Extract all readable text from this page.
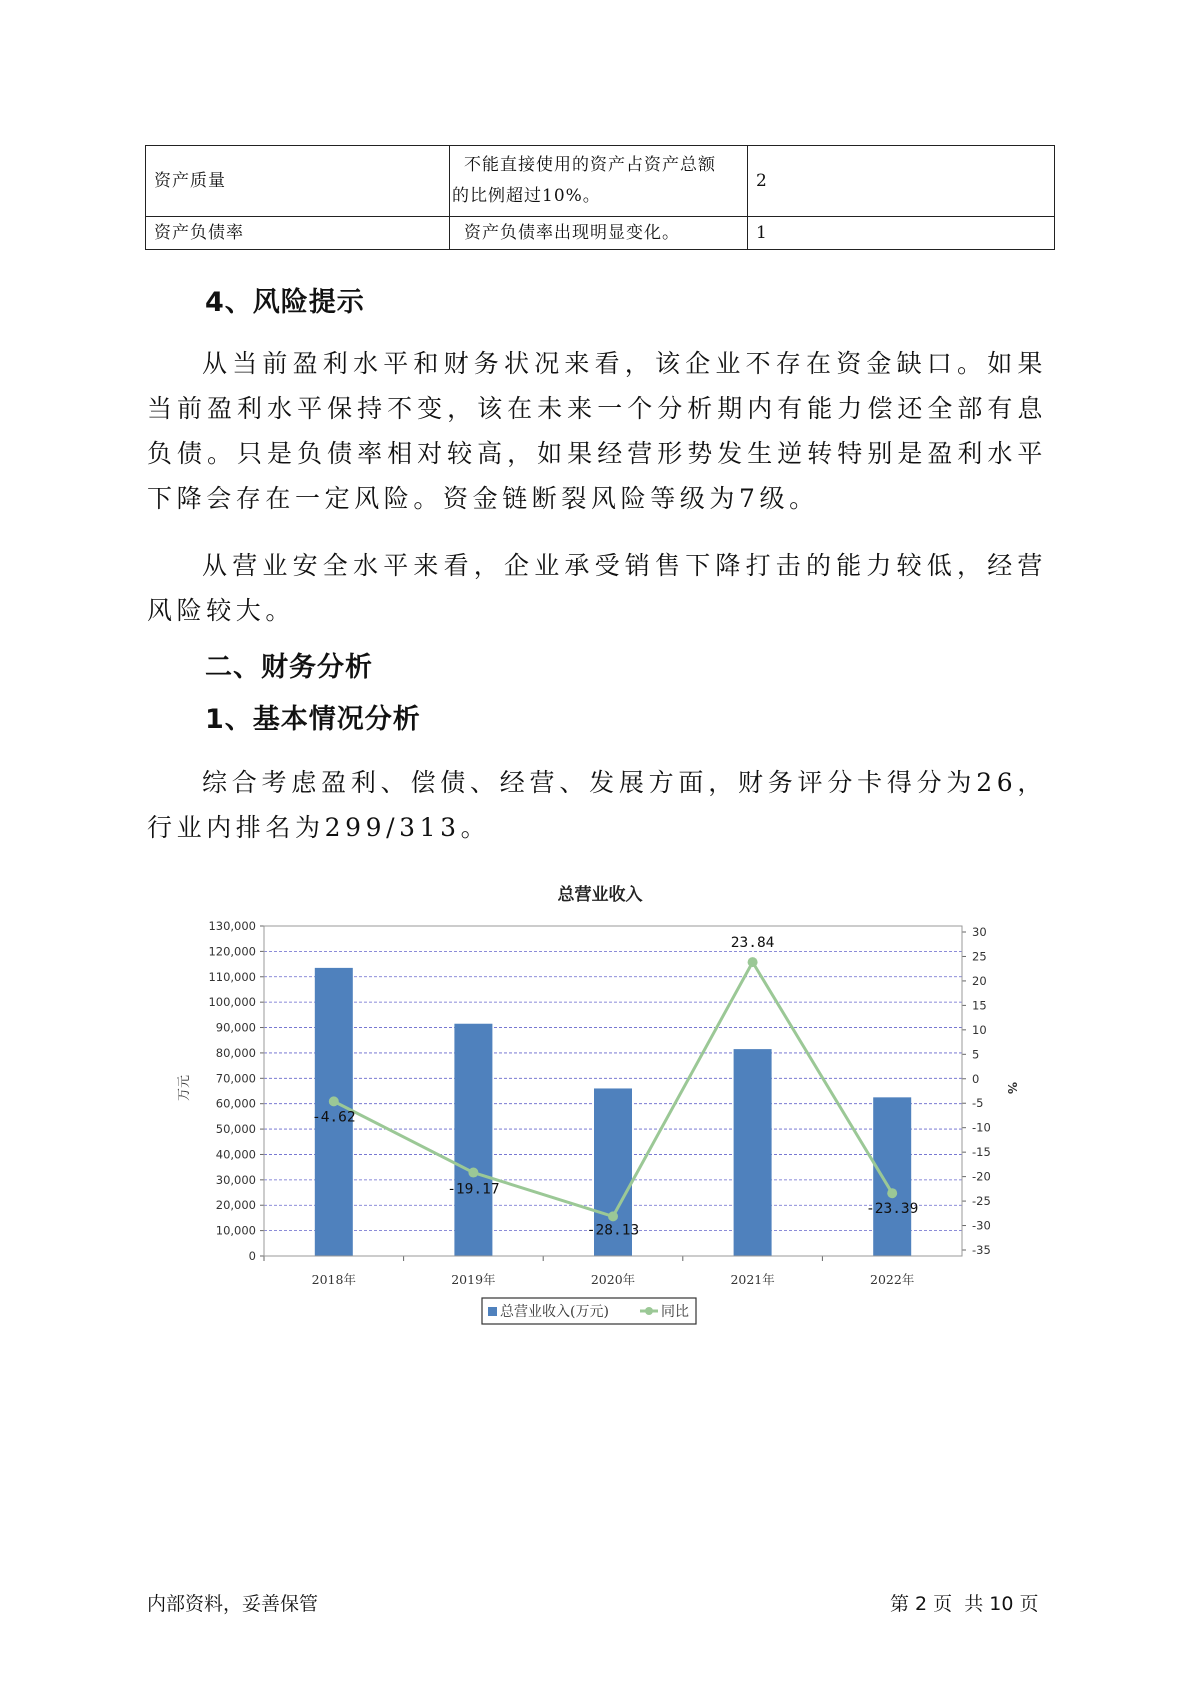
资产质量	不能直接使用的资产占资产总额
的比例超过10%。	2
资产负债率	资产负债率出现明显变化。	1
4、风险提示

从当前盈利水平和财务状况来看，该企业不存在资金缺口。如果当前盈利水平保持不变，该在未来一个分析期内有能力偿还全部有息负债。只是负债率相对较高，如果经营形势发生逆转特别是盈利水平下降会存在一定风险。资金链断裂风险等级为7级。

从营业安全水平来看，企业承受销售下降打击的能力较低，经营风险较大。

二、财务分析
1、基本情况分析

综合考虑盈利、偿债、经营、发展方面，财务评分卡得分为26，行业内排名为299/313。

总营业收入
万元	%
0
10,000
20,000
30,000
40,000
50,000
60,000
70,000
80,000
90,000
100,000
110,000
120,000
130,000	30
25
20
15
10
5
0
-5
-10
-15
-20
-25
-30
-35
2018年	2019年	2020年	2021年	2022年
-4.62
-19.17
-28.13
23.84
-23.39
总营业收入(万元)	同比
内部资料，妥善保管	第 2 页  共 10 页
